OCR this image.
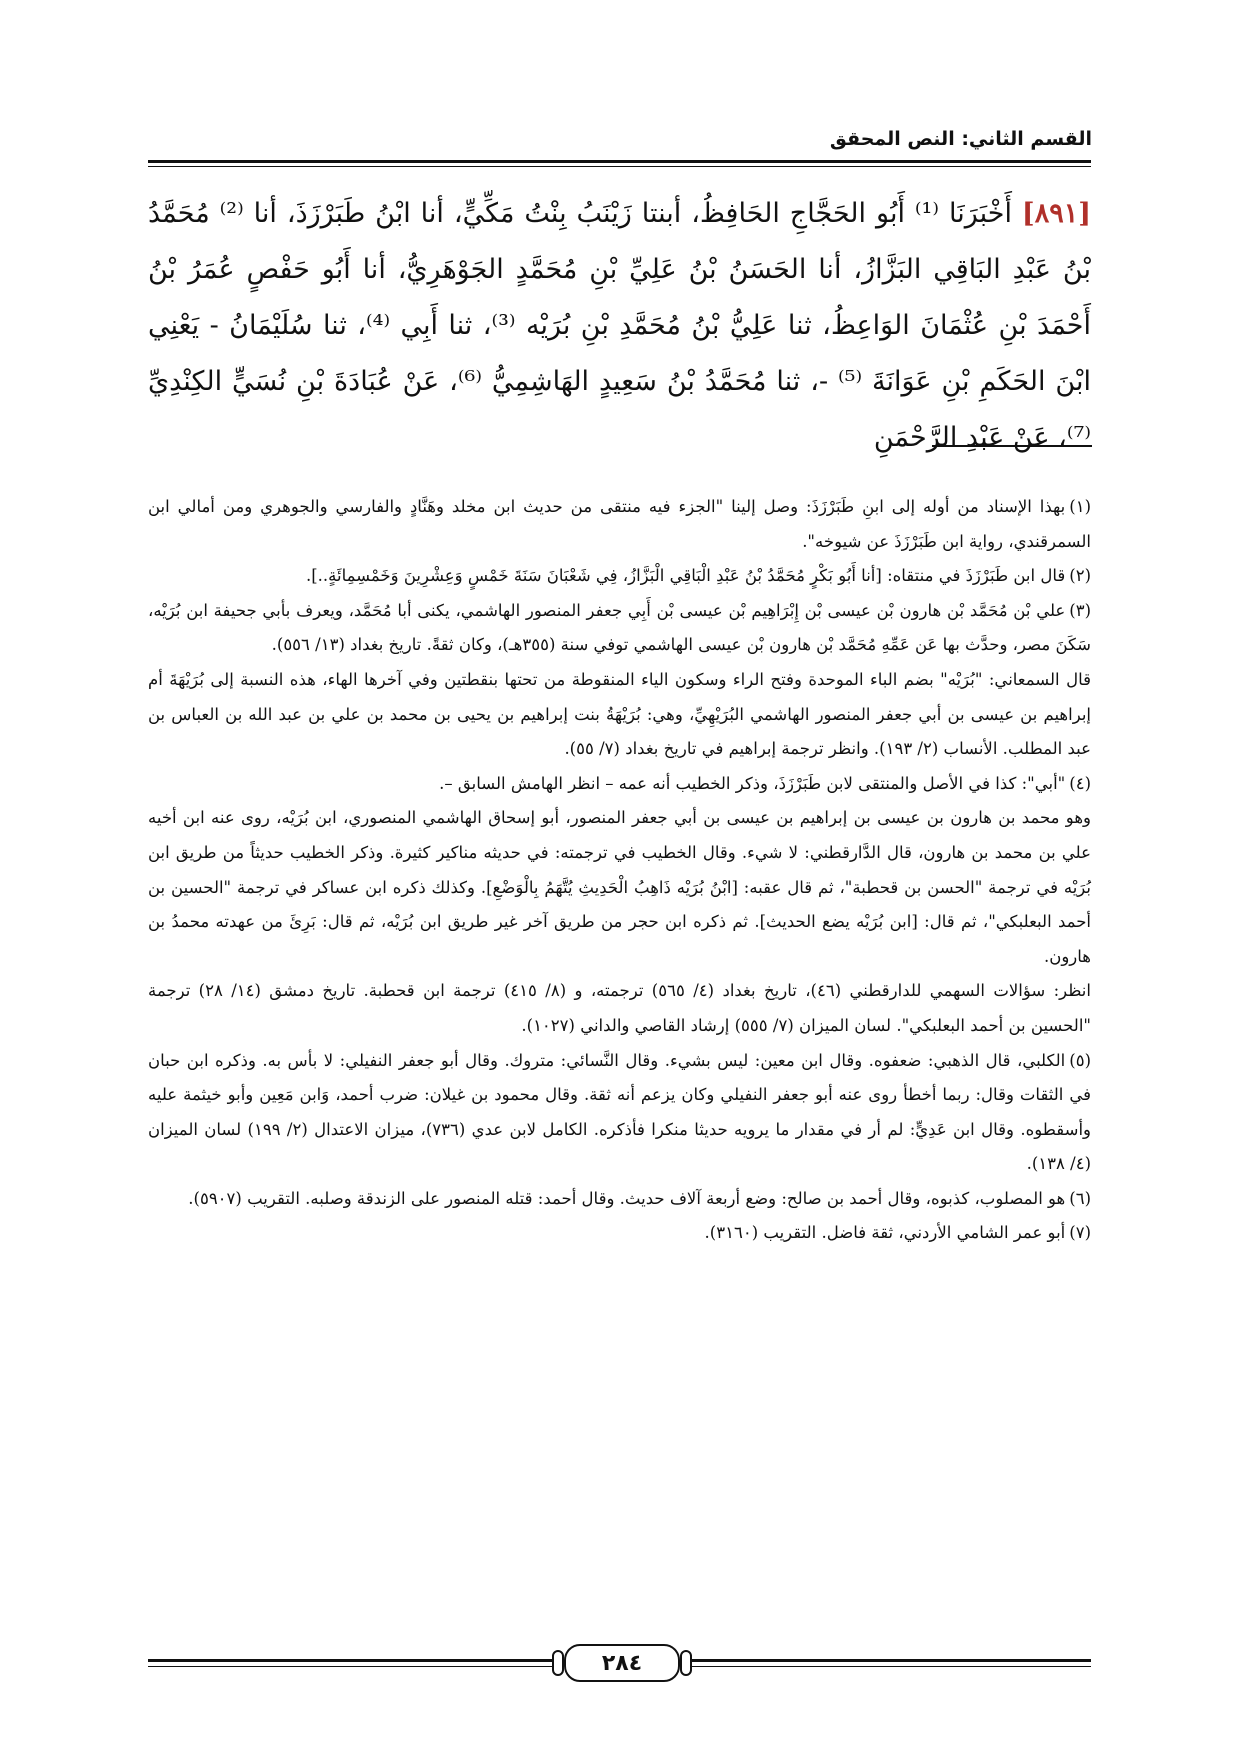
القسم الثاني: النص المحقق
[٨٩١] أَخْبَرَنَا ⁽¹⁾ أَبُو الحَجَّاجِ الحَافِظُ، أبنتا زَيْنَبُ بِنْتُ مَكِّيٍّ، أنا ابْنُ طَبَرْزَذَ، أنا ⁽²⁾ مُحَمَّدُ بْنُ عَبْدِ البَاقِي البَزَّازُ، أنا الحَسَنُ بْنُ عَلِيِّ بْنِ مُحَمَّدٍ الجَوْهَرِيُّ، أنا أَبُو حَفْصٍ عُمَرُ بْنُ أَحْمَدَ بْنِ عُثْمَانَ الوَاعِظُ، ثنا عَلِيُّ بْنُ مُحَمَّدِ بْنِ بُرَيْه ⁽³⁾، ثنا أَبِي ⁽⁴⁾، ثنا سُلَيْمَانُ - يَعْنِي ابْنَ الحَكَمِ بْنِ عَوَانَةَ ⁽⁵⁾ -، ثنا مُحَمَّدُ بْنُ سَعِيدٍ الهَاشِمِيُّ ⁽⁶⁾، عَنْ عُبَادَةَ بْنِ نُسَيٍّ الكِنْدِيِّ ⁽⁷⁾، عَنْ عَبْدِ الرَّحْمَنِ

(١)بهذا الإسناد من أوله إلى ابنِ طَبَرْزَذَ: وصل إلينا "الجزء فيه منتقى من حديث ابن مخلد وهَنَّادٍ والفارسي والجوهري ومن أمالي ابن السمرقندي، رواية ابن طَبَرْزَذَ عن شيوخه".

(٢)قال ابن طَبَرْزَذَ في منتقاه: [أنا أَبُو بَكْرٍ مُحَمَّدُ بْنُ عَبْدِ الْبَاقِي الْبَزَّازُ، فِي شَعْبَانَ سَنَةَ خَمْسٍ وَعِشْرِينَ وَخَمْسِمِائَةٍ..].

(٣)علي بْن مُحَمَّد بْن هارون بْن عيسى بْن إِبْرَاهِيم بْن عيسى بْن أَبِي جعفر المنصور الهاشمي، يكنى أبا مُحَمَّد، ويعرف بأبي جحيفة ابن بُرَيْه، سَكَنَ مصر، وحدَّث بها عَن عَمِّهِ مُحَمَّد بْن هارون بْن عيسى الهاشمي توفي سنة (٣٥٥هـ)، وكان ثقةً. تاريخ بغداد (١٣/ ٥٥٦).

قال السمعاني: "بُرَيْه" بضم الباء الموحدة وفتح الراء وسكون الياء المنقوطة من تحتها بنقطتين وفي آخرها الهاء، هذه النسبة إلى بُرَيْهَةَ أم إبراهيم بن عيسى بن أبي جعفر المنصور الهاشمي البُرَيْهِيِّ، وهي: بُرَيْهَةُ بنت إبراهيم بن يحيى بن محمد بن علي بن عبد الله بن العباس بن عبد المطلب. الأنساب (٢/ ١٩٣). وانظر ترجمة إبراهيم في تاريخ بغداد (٧/ ٥٥).

(٤)"أبي": كذا في الأصل والمنتقى لابن طَبَرْزَذَ، وذكر الخطيب أنه عمه – انظر الهامش السابق –.

وهو محمد بن هارون بن عيسى بن إبراهيم بن عيسى بن أبي جعفر المنصور، أبو إسحاق الهاشمي المنصوري، ابن بُرَيْه، روى عنه ابن أخيه علي بن محمد بن هارون، قال الدَّارقطني: لا شيء. وقال الخطيب في ترجمته: في حديثه مناكير كثيرة. وذكر الخطيب حديثاً من طريق ابن بُرَيْه في ترجمة "الحسن بن قحطبة"، ثم قال عقبه: [ابْنُ بُرَيْه ذَاهِبُ الْحَدِيثِ يُتَّهَمُ بِالْوَضْعِ]. وكذلك ذكره ابن عساكر في ترجمة "الحسين بن أحمد البعلبكي"، ثم قال: [ابن بُرَيْه يضع الحديث]. ثم ذكره ابن حجر من طريق آخر غير طريق ابن بُرَيْه، ثم قال: بَرِئَ من عهدته محمدُ بن هارون.

انظر: سؤالات السهمي للدارقطني (٤٦)، تاريخ بغداد (٤/ ٥٦٥) ترجمته، و (٨/ ٤١٥) ترجمة ابن قحطبة. تاريخ دمشق (١٤/ ٢٨) ترجمة "الحسين بن أحمد البعلبكي". لسان الميزان (٧/ ٥٥٥) إرشاد القاصي والداني (١٠٢٧).

(٥)الكلبي، قال الذهبي: ضعفوه. وقال ابن معين: ليس بشيء. وقال النَّسائي: متروك. وقال أبو جعفر النفيلي: لا بأس به. وذكره ابن حبان في الثقات وقال: ربما أخطأ روى عنه أبو جعفر النفيلي وكان يزعم أنه ثقة. وقال محمود بن غيلان: ضرب أحمد، وَابن مَعِين وأبو خيثمة عليه وأسقطوه. وقال ابن عَدِيٍّ: لم أر في مقدار ما يرويه حديثا منكرا فأذكره. الكامل لابن عدي (٧٣٦)، ميزان الاعتدال (٢/ ١٩٩) لسان الميزان (٤/ ١٣٨).

(٦)هو المصلوب، كذبوه، وقال أحمد بن صالح: وضع أربعة آلاف حديث. وقال أحمد: قتله المنصور على الزندقة وصلبه. التقريب (٥٩٠٧).

(٧)أبو عمر الشامي الأردني، ثقة فاضل. التقريب (٣١٦٠).

٢٨٤
